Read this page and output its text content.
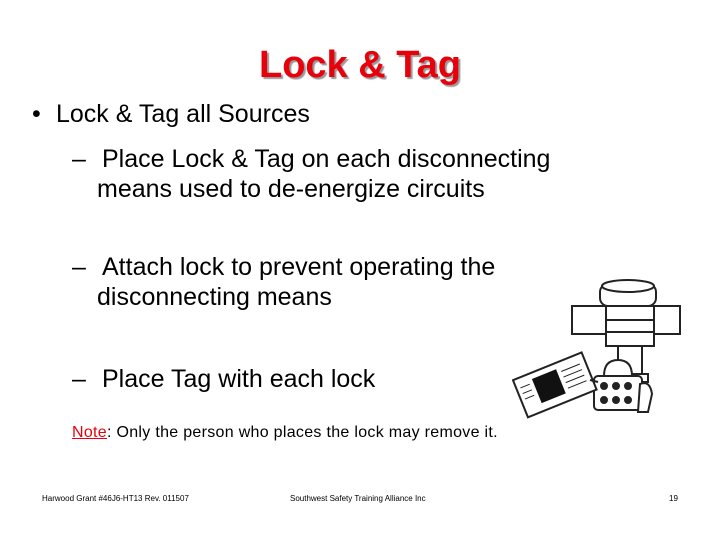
Lock & Tag
• Lock & Tag all Sources
– Place Lock & Tag on each disconnecting
means used to de-energize circuits
– Attach lock to prevent operating the
disconnecting means
– Place Tag with each lock
Note: Only the person who places the lock may remove it.
Harwood Grant #46J6-HT13 Rev. 011507	Southwest Safety Training Alliance Inc	19
